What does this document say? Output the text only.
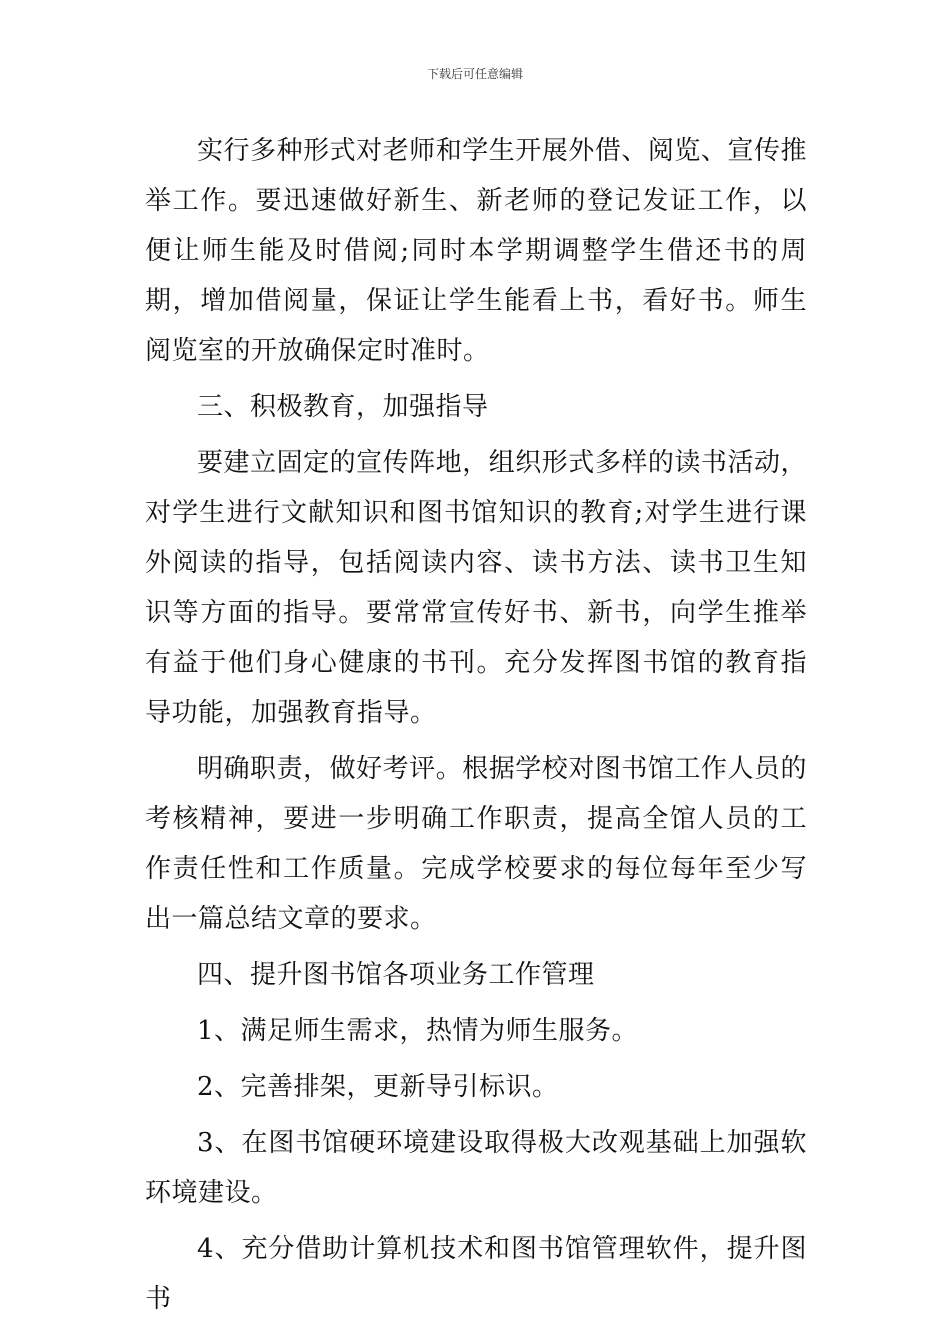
下载后可任意编辑

实行多种形式对老师和学生开展外借、阅览、宣传推举工作。要迅速做好新生、新老师的登记发证工作，以便让师生能及时借阅;同时本学期调整学生借还书的周期，增加借阅量，保证让学生能看上书，看好书。师生阅览室的开放确保定时准时。

三、积极教育，加强指导

要建立固定的宣传阵地，组织形式多样的读书活动，对学生进行文献知识和图书馆知识的教育;对学生进行课外阅读的指导，包括阅读内容、读书方法、读书卫生知识等方面的指导。要常常宣传好书、新书，向学生推举有益于他们身心健康的书刊。充分发挥图书馆的教育指导功能，加强教育指导。

明确职责，做好考评。根据学校对图书馆工作人员的考核精神，要进一步明确工作职责，提高全馆人员的工作责任性和工作质量。完成学校要求的每位每年至少写出一篇总结文章的要求。

四、提升图书馆各项业务工作管理

1、满足师生需求，热情为师生服务。

2、完善排架，更新导引标识。

3、在图书馆硬环境建设取得极大改观基础上加强软环境建设。

4、充分借助计算机技术和图书馆管理软件，提升图书
